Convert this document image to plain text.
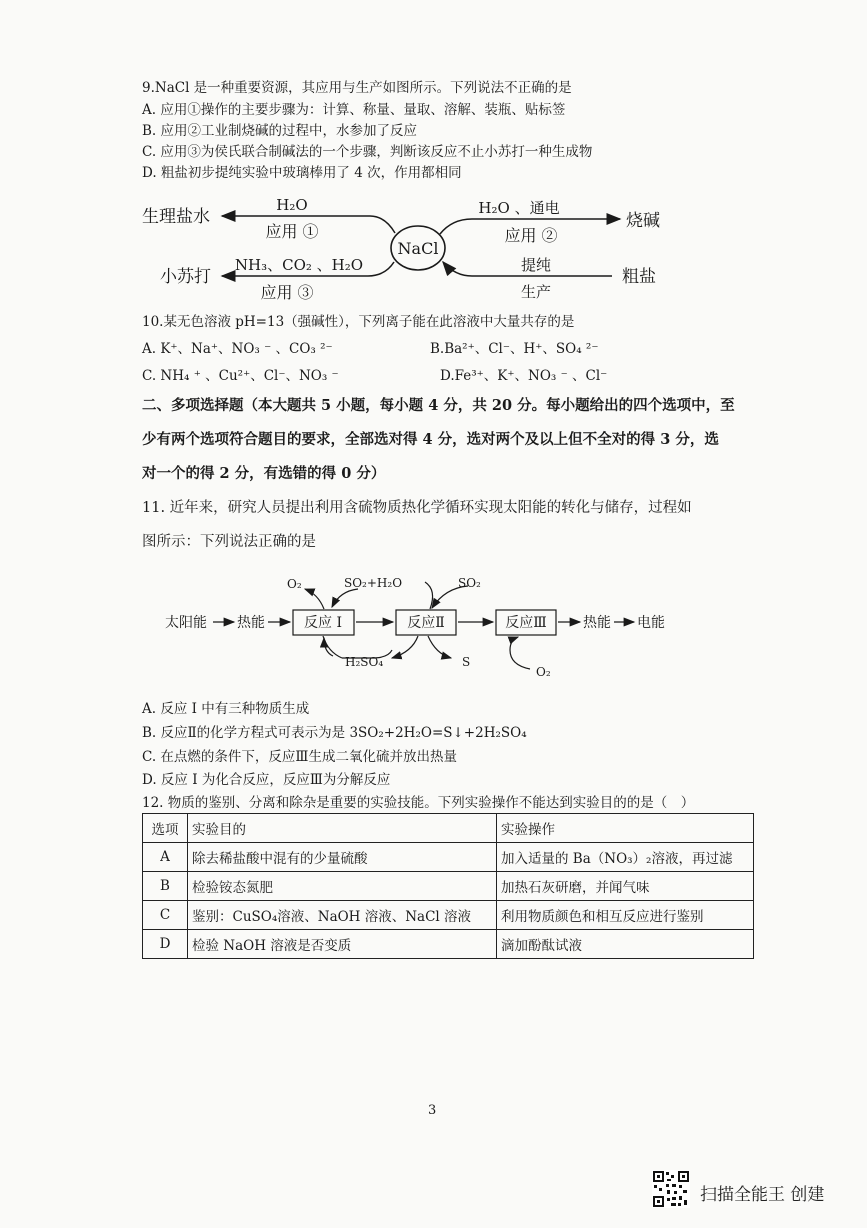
9.NaCl 是一种重要资源，其应用与生产如图所示。下列说法不正确的是
A. 应用①操作的主要步骤为：计算、称量、量取、溶解、装瓶、贴标签
B. 应用②工业制烧碱的过程中，水参加了反应
C. 应用③为侯氏联合制碱法的一个步骤，判断该反应不止小苏打一种生成物
D. 粗盐初步提纯实验中玻璃棒用了 4 次，作用都相同
NaCl
生理盐水
H₂O
应用 ①
小苏打
NH₃、CO₂ 、H₂O
应用 ③
烧碱
H₂O 、通电
应用 ②
粗盐
提纯
生产
10.某无色溶液 pH=13（强碱性），下列离子能在此溶液中大量共存的是
A. K⁺、Na⁺、NO₃ ⁻ 、CO₃ ²⁻	B.Ba²⁺、Cl⁻、H⁺、SO₄ ²⁻
C. NH₄ ⁺ 、Cu²⁺、Cl⁻、NO₃ ⁻	D.Fe³⁺、K⁺、NO₃ ⁻ 、Cl⁻
二、多项选择题（本大题共 5 小题，每小题 4 分，共 20 分。每小题给出的四个选项中，至
少有两个选项符合题目的要求，全部选对得 4 分，选对两个及以上但不全对的得 3 分，选
对一个的得 2 分，有选错的得 0 分）
11. 近年来，研究人员提出利用含硫物质热化学循环实现太阳能的转化与储存，过程如
图所示：下列说法正确的是
太阳能 热能	反应 I	反应Ⅱ	反应Ⅲ	热能 电能
O₂	SO₂+H₂O	SO₂
H₂SO₄	S
O₂
A. 反应 I 中有三种物质生成
B. 反应Ⅱ的化学方程式可表示为是 3SO₂+2H₂O=S↓+2H₂SO₄
C. 在点燃的条件下，反应Ⅲ生成二氧化硫并放出热量
D. 反应 I 为化合反应，反应Ⅲ为分解反应
12. 物质的鉴别、分离和除杂是重要的实验技能。下列实验操作不能达到实验目的的是（　）
选项	实验目的	实验操作
A	除去稀盐酸中混有的少量硫酸	加入适量的 Ba（NO₃）₂溶液，再过滤
B	检验铵态氮肥	加热石灰研磨，并闻气味
C	鉴别：CuSO₄溶液、NaOH 溶液、NaCl 溶液	利用物质颜色和相互反应进行鉴别
D	检验 NaOH 溶液是否变质	滴加酚酞试液
3
扫描全能王 创建
